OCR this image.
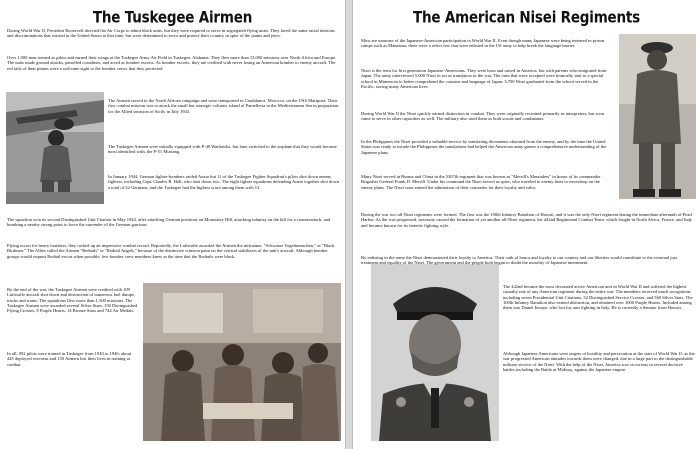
The Tuskegee Airmen

During World War II, President Roosevelt directed the Air Corps to admit black units, but they were required to serve in segregated flying units. They faced the same racial tensions and discriminations that existed in the United States at that time, but were determined to serve and protect their country in spite of the jaunts and jeers.

Over 1,000 men trained as pilots and earned their wings at the Tuskegee Army Air Field in Tuskegee, Alabama. They flew more than 15,000 missions over North Africa and Europe. The units made ground attacks, patrolled coastlines, and acted as bomber escorts. As bomber escorts, they are credited with never losing an American bomber to enemy aircraft. The red tails of their planes were a welcome sight to the bomber crews that they protected.

The Airmen served in the North African campaign and were transported to Casablanca, Morocco, on the USS Mariposa. Their first combat mission was to attack the small but strategic volcanic island of Pantelleria in the Mediterranean Sea in preparation for the Allied invasion of Sicily in July 1943.

The Tuskegee Airmen were initially equipped with P-40 Warhawks, but later switched to the airplane that they would become most identified with, the P-51 Mustang.

In January 1944, German fighter-bombers raided Anzio but 11 of the Tuskegee Fighter Squadron's pilots shot down enemy fighters, including Capt. Charles B. Hall, who shot down two. The eight fighter squadrons defending Anzio together shot down a total of 32 Germans, and the Tuskegee had the highest score among them with 13.

The squadron won its second Distinguished Unit Citation in May 1944, after attacking German positions on Monastery Hill, attacking infantry on the hill for a counterattack, and bombing a nearby strong point to force the surrender of the German garrison.

Flying escort for heavy bombers, they racked up an impressive combat record. Reportedly, the Luftwaffe awarded the Airmen the nickname, "Schwarze Vogelmenschen," or "Black Birdmen." The Allies called the Airmen "Redtails" or "Redtail Angels," because of the distinctive crimson paint on the vertical stabilizers of the unit's aircraft. Although bomber groups would request Redtail escort when possible, few bomber crew members knew at the time that the Redtails were black.

By the end of the war, the Tuskegee Airmen were credited with 109 Luftwaffe aircraft shot down and destruction of numerous fuel dumps, trucks and trains. The squadrons flew more than 1,500 missions. The Tuskegee Airmen were awarded several Silver Stars, 150 Distinguished Flying Crosses, 8 Purple Hearts, 14 Bronze Stars and 744 Air Medals.

In all, 992 pilots were trained in Tuskegee from 1940 to 1946; about 445 deployed overseas and 150 Airmen lost their lives in training or combat.

The American Nisei Regiments

Most are unaware of the Japanese-American participation in World War II. Even though many Japanese were being interned in prison camps such as Manzanar, there were a select few that were enlisted in the US army to help break the language barrier.

Nisei is the term for first generation Japanese-Americans. They were born and raised in America, but with parents who emigrated from Japan. The army interviewed 5,000 Nisei to act as translators in the war. The ones that were accepted were ironically sent to a special school in Minnesota to better comprehend the customs and language of Japan. 3,700 Nisei graduated from the school served in the Pacific, saving many American lives.

During World War II the Nisei quickly earned distinction in combat. They were originally recruited primarily as interpreters, but soon came to serve in other capacities as well. The military also used them as both scouts and combatants.

In the Philippines the Nisei provided a valuable service by translating documents obtained from the enemy, and by the time the United States was ready to invade the Philippines the translations had helped the American army garner a comprehensive understanding of the Japanese plans.

Many Nisei served in Burma and China in the 5307th regiment that was known as "Merrill's Marauders" in honor of its commander Brigadier General Frank D. Merrill. Under his command the Nisei served as spies, who traveled to enemy lines to eavesdrop on the enemy plans. The Nisei soon earned the admiration of their comrades for their loyalty and valor.

During the war two all-Nisei regiments were formed. The first was the 100th Infantry Battalion of Hawaii, and it was the only Nisei regiment during the immediate aftermath of Pearl Harbor. As the war progressed, necessity caused the formation of yet another all-Nisei regiment, the 442nd Regimental Combat Team, which fought in North Africa, France, and Italy and became known for its frenetic fighting style.

By enlisting in the army the Nisei demonstrated their loyalty to America. Their oath of honor and loyalty to our country and our liberties would contribute to the eventual just treatment and equality of the Nisei. The government and the people both began to doubt the morality of Japanese internment.

The 442nd became the most decorated active American unit in World War II and suffered the highest casualty rate of any American regiment during the entire war. The members received much recognition, including seven Presidential Unit Citations, 52 Distinguished Service Crosses, and 560 Silver Stars. The 100th Infantry Battalion also earned distinction, and obtained over 1000 Purple Hearts. Included among them was Daniel Inouye, who lost his arm fighting in Italy. He is currently a Senator from Hawaii.

Although Japanese Americans were targets of hostility and persecution at the start of World War II, as the war progressed American attitudes towards them were changed, due in a large part to the distinguishable military service of the Nisei. With the help of the Nisei, America was victorious in several decisive battles including the Battle at Midway, against the Japanese empire.
